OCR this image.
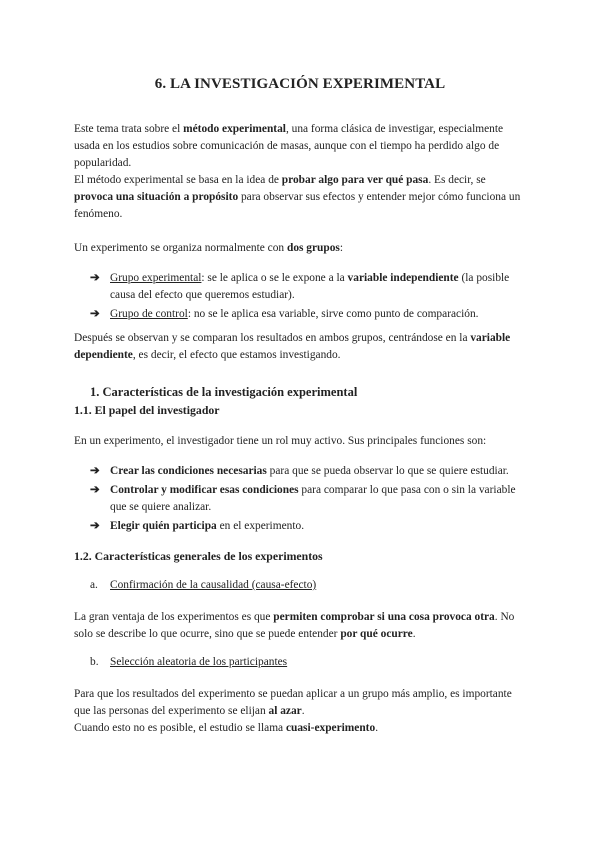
6. LA INVESTIGACIÓN EXPERIMENTAL

Este tema trata sobre el método experimental, una forma clásica de investigar, especialmente usada en los estudios sobre comunicación de masas, aunque con el tiempo ha perdido algo de popularidad.

El método experimental se basa en la idea de probar algo para ver qué pasa. Es decir, se provoca una situación a propósito para observar sus efectos y entender mejor cómo funciona un fenómeno.

Un experimento se organiza normalmente con dos grupos:

➔ Grupo experimental: se le aplica o se le expone a la variable independiente (la posible causa del efecto que queremos estudiar).
➔ Grupo de control: no se le aplica esa variable, sirve como punto de comparación.

Después se observan y se comparan los resultados en ambos grupos, centrándose en la variable dependiente, es decir, el efecto que estamos investigando.

1. Características de la investigación experimental
1.1. El papel del investigador

En un experimento, el investigador tiene un rol muy activo. Sus principales funciones son:

➔ Crear las condiciones necesarias para que se pueda observar lo que se quiere estudiar.
➔ Controlar y modificar esas condiciones para comparar lo que pasa con o sin la variable que se quiere analizar.
➔ Elegir quién participa en el experimento.
1.2. Características generales de los experimentos
a. Confirmación de la causalidad (causa-efecto)

La gran ventaja de los experimentos es que permiten comprobar si una cosa provoca otra. No solo se describe lo que ocurre, sino que se puede entender por qué ocurre.

b. Selección aleatoria de los participantes

Para que los resultados del experimento se puedan aplicar a un grupo más amplio, es importante que las personas del experimento se elijan al azar.

Cuando esto no es posible, el estudio se llama cuasi-experimento.
